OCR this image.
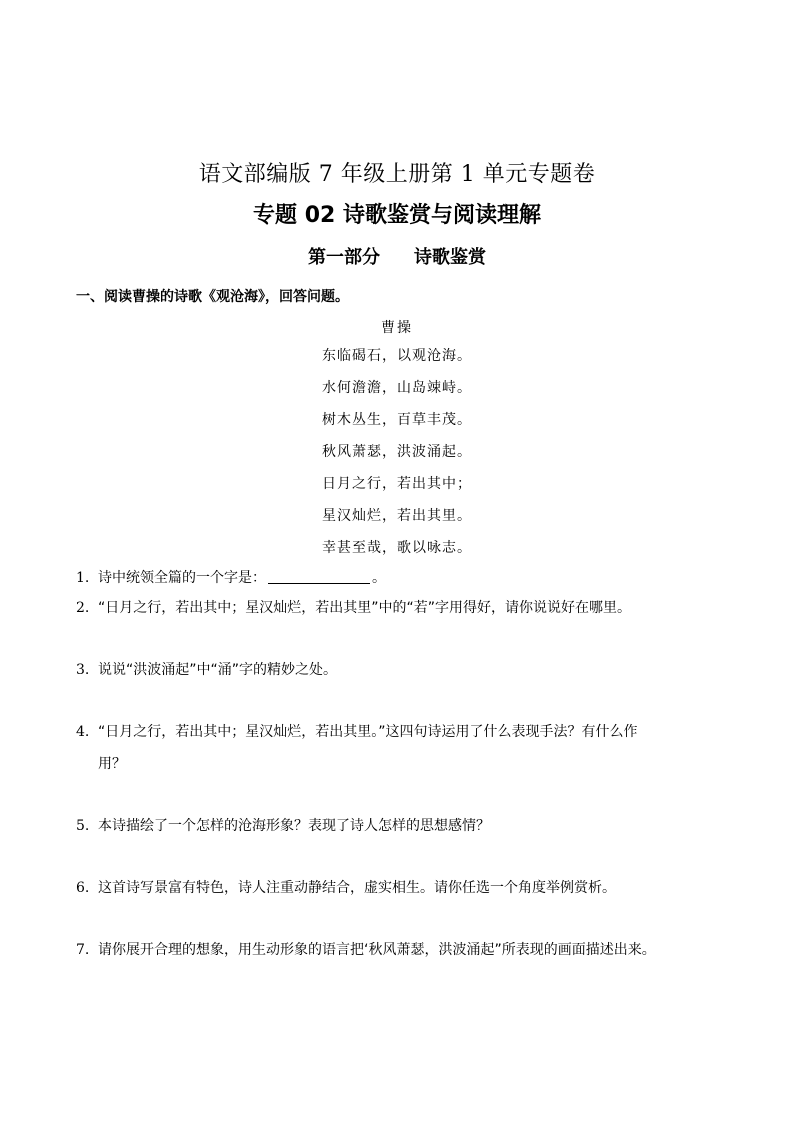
语文部编版 7 年级上册第 1 单元专题卷
专题 02 诗歌鉴赏与阅读理解
第一部分 诗歌鉴赏
一、阅读曹操的诗歌《观沧海》，回答问题。
曹操
东临碣石，以观沧海。
水何澹澹，山岛竦峙。
树木丛生，百草丰茂。
秋风萧瑟，洪波涌起。
日月之行，若出其中；
星汉灿烂，若出其里。
幸甚至哉，歌以咏志。
1. 诗中统领全篇的一个字是：	。
2. “日月之行，若出其中；星汉灿烂，若出其里”中的“若”字用得好，请你说说好在哪里。
3. 说说“洪波涌起”中“涌”字的精妙之处。
4. “日月之行，若出其中；星汉灿烂，若出其里。”这四句诗运用了什么表现手法？有什么作
用？
5. 本诗描绘了一个怎样的沧海形象？表现了诗人怎样的思想感情？
6. 这首诗写景富有特色，诗人注重动静结合，虚实相生。请你任选一个角度举例赏析。
7. 请你展开合理的想象，用生动形象的语言把‘秋风萧瑟，洪波涌起”所表现的画面描述出来。
